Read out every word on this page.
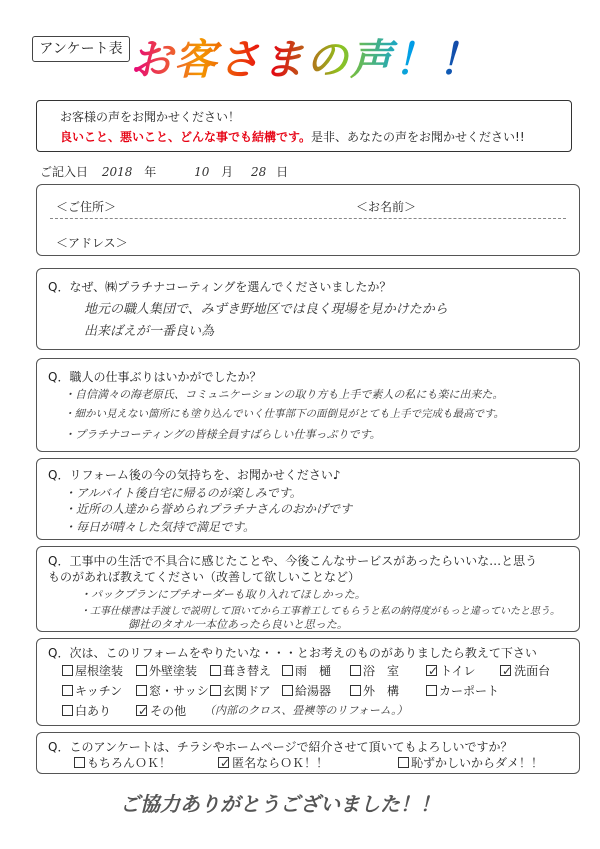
アンケート表 お客さまの声！！
お客様の声をお聞かせください！
良いこと、悪いこと、どんな事でも結構です。是非、あなたの声をお聞かせください!!
ご記入日 2018 年	10 月 28 日
＜ご住所＞	＜お名前＞
＜アドレス＞
Q．なぜ、㈱プラチナコーティングを選んでくださいましたか？
地元の職人集団で、みずき野地区では良く現場を見かけたから
出来ばえが一番良い為
Q．職人の仕事ぶりはいかがでしたか？
・自信満々の海老原氏、コミュニケーションの取り方も上手で素人の私にも楽に出来た。
・細かい見えない箇所にも塗り込んでいく仕事部下の面倒見がとても上手で完成も最高です。
・プラチナコーティングの皆様全員すばらしい仕事っぷりです。
Q．リフォーム後の今の気持ちを、お聞かせください♪
・アルバイト後自宅に帰るのが楽しみです。
・近所の人達から誉められプラチナさんのおかげです
・毎日が晴々した気持で満足です。
Q．工事中の生活で不具合に感じたことや、今後こんなサービスがあったらいいな…と思う
ものがあれば教えてください（改善して欲しいことなど）
・パックプランにプチオーダーも取り入れてほしかった。
・工事仕様書は手渡しで説明して頂いてから工事着工してもらうと私の納得度がもっと違っていたと思う。
御社のタオル一本位あったら良いと思った。
Q．次は、このリフォームをやりたいな・・・とお考えのものがありましたら教えて下さい
屋根塗装	外壁塗装	葺き替え	雨　樋	浴　室 ✓ トイレ ✓ 洗面台
キッチン	窓・サッシ	玄関ドア	給湯器	外　構	カーポート
白あり ✓ その他 （内部のクロス、畳襖等のリフォーム。）
Q．このアンケートは、チラシやホームページで紹介させて頂いてもよろしいですか？
もちろんＯＫ！	✓ 匿名ならＯＫ！！	恥ずかしいからダメ！！
ご協力ありがとうございました！！
